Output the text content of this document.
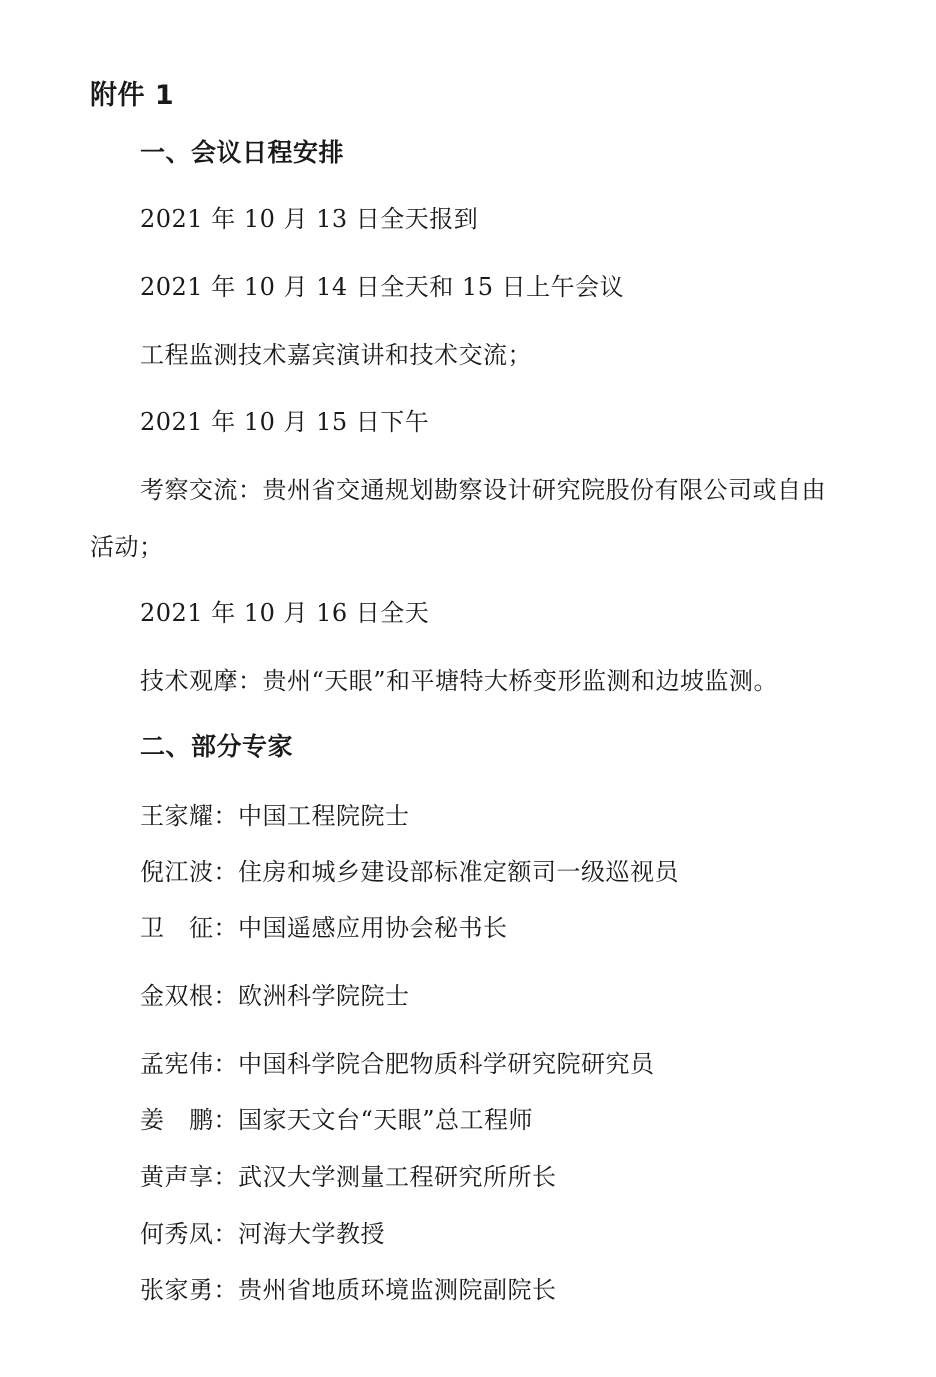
附件 1
一、会议日程安排
2021 年 10 月 13 日全天报到
2021 年 10 月 14 日全天和 15 日上午会议
工程监测技术嘉宾演讲和技术交流；
2021 年 10 月 15 日下午
考察交流：贵州省交通规划勘察设计研究院股份有限公司或自由
活动；
2021 年 10 月 16 日全天
技术观摩：贵州“天眼”和平塘特大桥变形监测和边坡监测。
二、部分专家
王家耀：中国工程院院士
倪江波：住房和城乡建设部标准定额司一级巡视员
卫　征：中国遥感应用协会秘书长
金双根：欧洲科学院院士
孟宪伟：中国科学院合肥物质科学研究院研究员
姜　鹏：国家天文台“天眼”总工程师
黄声享：武汉大学测量工程研究所所长
何秀凤：河海大学教授
张家勇：贵州省地质环境监测院副院长
